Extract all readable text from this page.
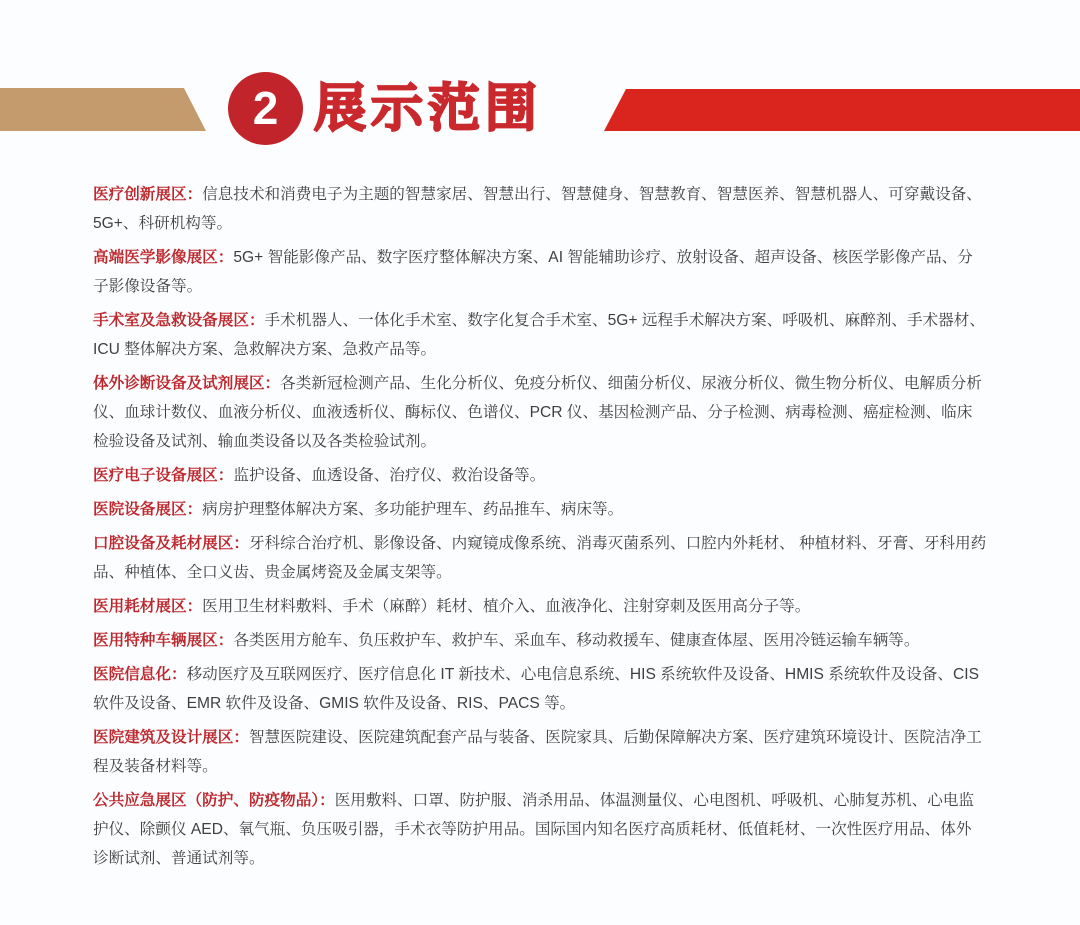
2 展示范围

医疗创新展区：信息技术和消费电子为主题的智慧家居、智慧出行、智慧健身、智慧教育、智慧医养、智慧机器人、可穿戴设备、5G+、科研机构等。

高端医学影像展区：5G+ 智能影像产品、数字医疗整体解决方案、AI 智能辅助诊疗、放射设备、超声设备、核医学影像产品、分子影像设备等。

手术室及急救设备展区：手术机器人、一体化手术室、数字化复合手术室、5G+ 远程手术解决方案、呼吸机、麻醉剂、手术器材、ICU 整体解决方案、急救解决方案、急救产品等。

体外诊断设备及试剂展区：各类新冠检测产品、生化分析仪、免疫分析仪、细菌分析仪、尿液分析仪、微生物分析仪、电解质分析仪、血球计数仪、血液分析仪、血液透析仪、酶标仪、色谱仪、PCR 仪、基因检测产品、分子检测、病毒检测、癌症检测、临床检验设备及试剂、输血类设备以及各类检验试剂。

医疗电子设备展区：监护设备、血透设备、治疗仪、救治设备等。

医院设备展区：病房护理整体解决方案、多功能护理车、药品推车、病床等。

口腔设备及耗材展区：牙科综合治疗机、影像设备、内窥镜成像系统、消毒灭菌系列、口腔内外耗材、 种植材料、牙膏、牙科用药品、种植体、全口义齿、贵金属烤瓷及金属支架等。

医用耗材展区：医用卫生材料敷料、手术（麻醉）耗材、植介入、血液净化、注射穿刺及医用高分子等。

医用特种车辆展区：各类医用方舱车、负压救护车、救护车、采血车、移动救援车、健康查体屋、医用冷链运输车辆等。

医院信息化：移动医疗及互联网医疗、医疗信息化 IT 新技术、心电信息系统、HIS 系统软件及设备、HMIS 系统软件及设备、CIS 软件及设备、EMR 软件及设备、GMIS 软件及设备、RIS、PACS 等。

医院建筑及设计展区：智慧医院建设、医院建筑配套产品与装备、医院家具、后勤保障解决方案、医疗建筑环境设计、医院洁净工程及装备材料等。

公共应急展区（防护、防疫物品）：医用敷料、口罩、防护服、消杀用品、体温测量仪、心电图机、呼吸机、心肺复苏机、心电监护仪、除颤仪 AED、氧气瓶、负压吸引器，手术衣等防护用品。国际国内知名医疗高质耗材、低值耗材、一次性医疗用品、体外诊断试剂、普通试剂等。
